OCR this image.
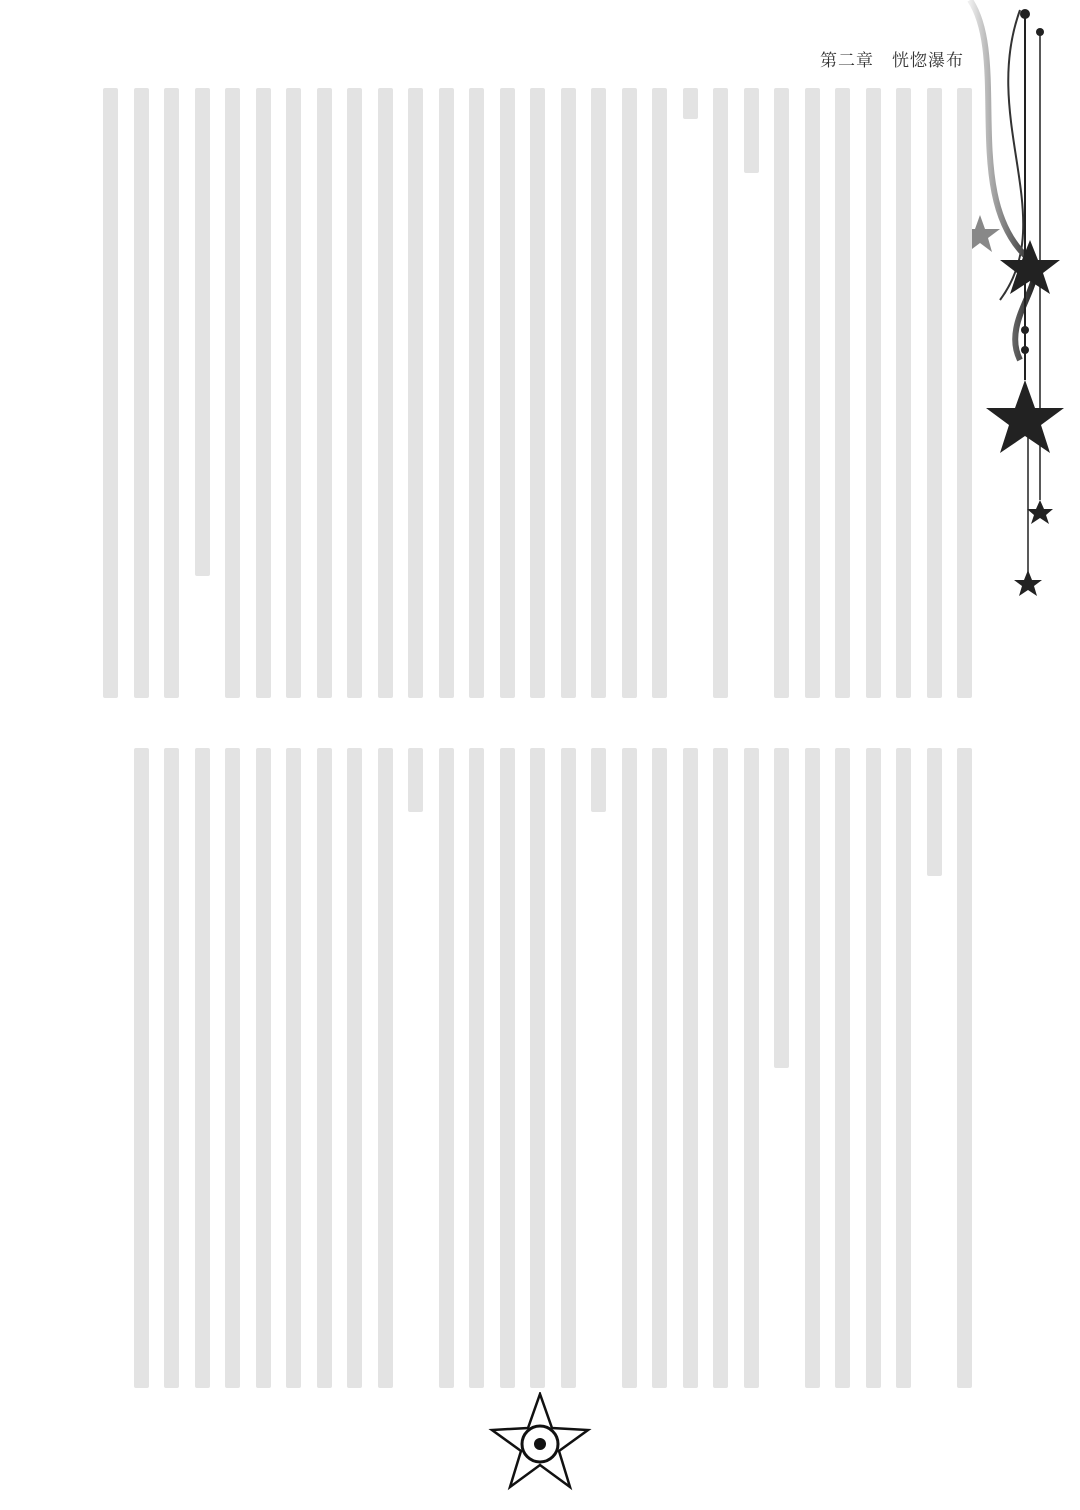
第二章　恍惚瀑布
